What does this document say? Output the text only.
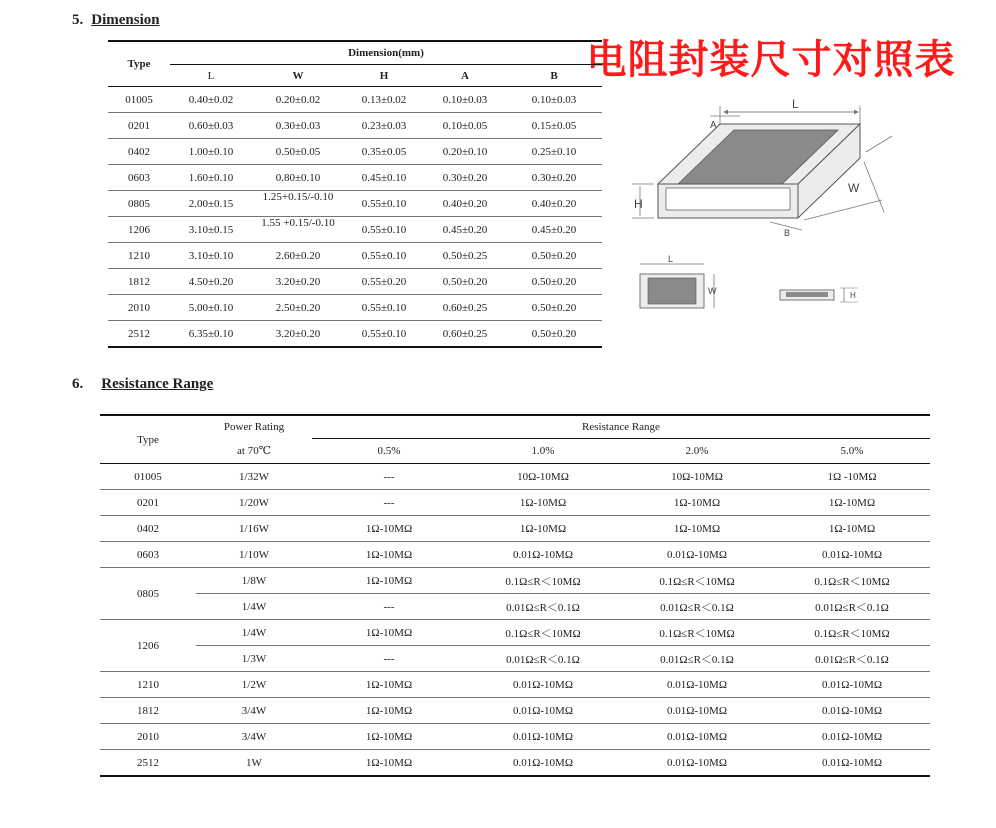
5. Dimension
电阻封装尺寸对照表

Type	Dimension(mm)				
	L	W	H	A	B
01005	0.40±0.02	0.20±0.02	0.13±0.02	0.10±0.03	0.10±0.03
0201	0.60±0.03	0.30±0.03	0.23±0.03	0.10±0.05	0.15±0.05
0402	1.00±0.10	0.50±0.05	0.35±0.05	0.20±0.10	0.25±0.10
0603	1.60±0.10	0.80±0.10	0.45±0.10	0.30±0.20	0.30±0.20
0805	2.00±0.15	1.25+0.15/-0.10	0.55±0.10	0.40±0.20	0.40±0.20
1206	3.10±0.15	1.55 +0.15/-0.10	0.55±0.10	0.45±0.20	0.45±0.20
1210	3.10±0.10	2.60±0.20	0.55±0.10	0.50±0.25	0.50±0.20
1812	4.50±0.20	3.20±0.20	0.55±0.20	0.50±0.20	0.50±0.20
2010	5.00±0.10	2.50±0.20	0.55±0.10	0.60±0.25	0.50±0.20
2512	6.35±0.10	3.20±0.20	0.55±0.10	0.60±0.25	0.50±0.20
L
A
W
H
B
L
W	H
6. Resistance Range

Type	Power Rating	Resistance Range			
	at 70℃	0.5%	1.0%	2.0%	5.0%
01005	1/32W	---	10Ω-10MΩ	10Ω-10MΩ	1Ω -10MΩ
0201	1/20W	---	1Ω-10MΩ	1Ω-10MΩ	1Ω-10MΩ
0402	1/16W	1Ω-10MΩ	1Ω-10MΩ	1Ω-10MΩ	1Ω-10MΩ
0603	1/10W	1Ω-10MΩ	0.01Ω-10MΩ	0.01Ω-10MΩ	0.01Ω-10MΩ
0805	1/8W	1Ω-10MΩ	0.1Ω≤R＜10MΩ	0.1Ω≤R＜10MΩ	0.1Ω≤R＜10MΩ
	1/4W	---	0.01Ω≤R＜0.1Ω	0.01Ω≤R＜0.1Ω	0.01Ω≤R＜0.1Ω
1206	1/4W	1Ω-10MΩ	0.1Ω≤R＜10MΩ	0.1Ω≤R＜10MΩ	0.1Ω≤R＜10MΩ
	1/3W	---	0.01Ω≤R＜0.1Ω	0.01Ω≤R＜0.1Ω	0.01Ω≤R＜0.1Ω
1210	1/2W	1Ω-10MΩ	0.01Ω-10MΩ	0.01Ω-10MΩ	0.01Ω-10MΩ
1812	3/4W	1Ω-10MΩ	0.01Ω-10MΩ	0.01Ω-10MΩ	0.01Ω-10MΩ
2010	3/4W	1Ω-10MΩ	0.01Ω-10MΩ	0.01Ω-10MΩ	0.01Ω-10MΩ
2512	1W	1Ω-10MΩ	0.01Ω-10MΩ	0.01Ω-10MΩ	0.01Ω-10MΩ
